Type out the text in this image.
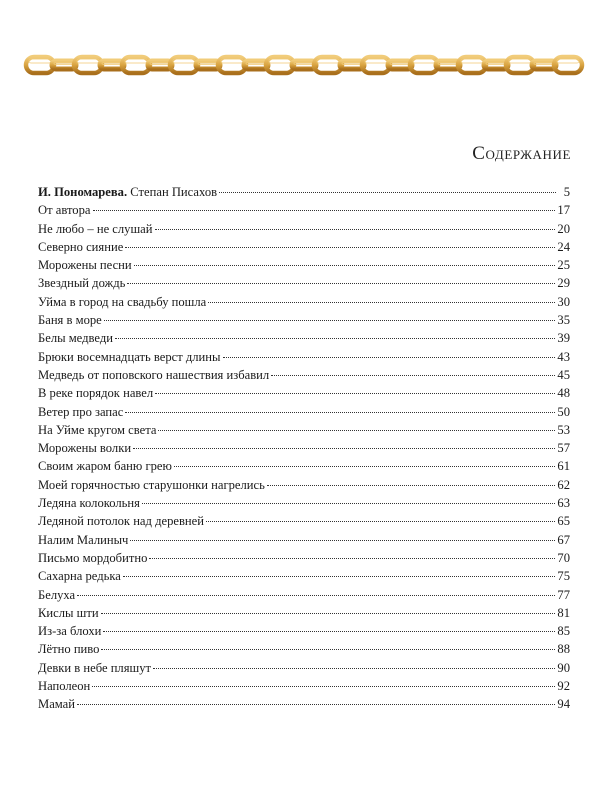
Содержание
И. Пономарева. Степан Писахов	5
От автора	17
Не любо – не слушай	20
Северно сияние	24
Морожены песни	25
Звездный дождь	29
Уйма в город на свадьбу пошла	30
Баня в море	35
Белы медведи	39
Брюки восемнадцать верст длины	43
Медведь от поповского нашествия избавил	45
В реке порядок навел	48
Ветер про запас	50
На Уйме кругом света	53
Морожены волки	57
Своим жаром баню грею	61
Моей горячностью старушонки нагрелись	62
Ледяна колокольня	63
Ледяной потолок над деревней	65
Налим Малиныч	67
Письмо мордобитно	70
Сахарна редька	75
Белуха	77
Кислы шти	81
Из-за блохи	85
Лётно пиво	88
Девки в небе пляшут	90
Наполеон	92
Мамай	94
